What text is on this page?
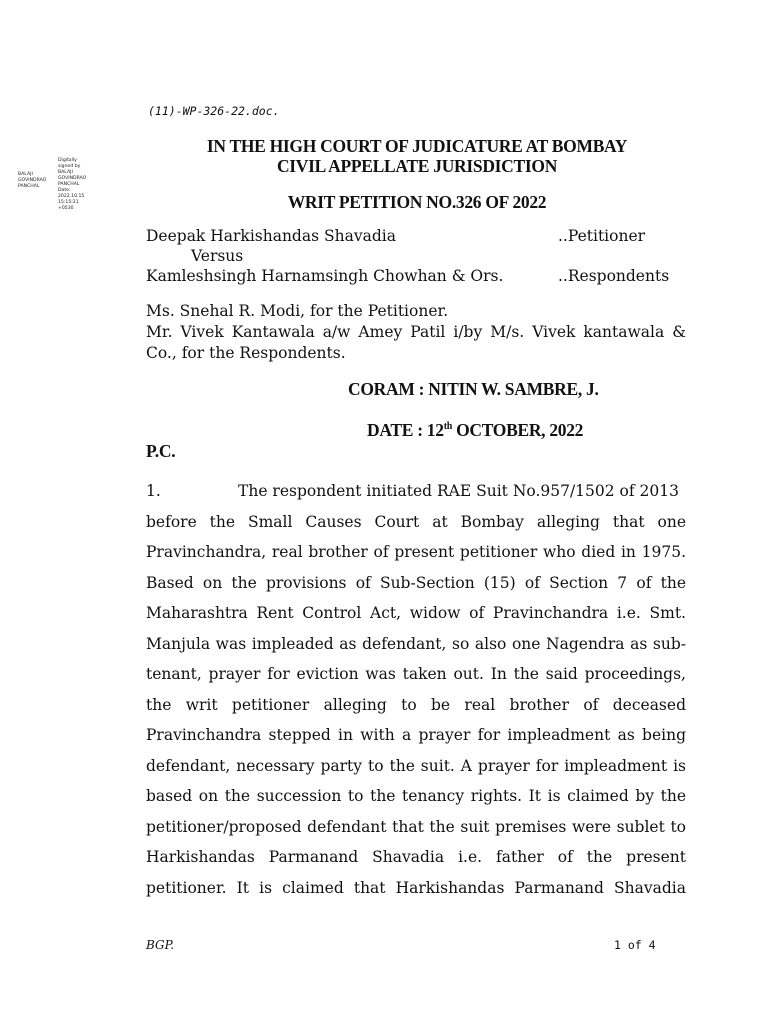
(11)-WP-326-22.doc.
BALAJI
GOVINDRAO
PANCHAL
Digitally
signed by
BALAJI
GOVINDRAO
PANCHAL
Date:
2022.10.15
15:15:21
+0530
IN THE HIGH COURT OF JUDICATURE AT BOMBAY
CIVIL APPELLATE JURISDICTION
WRIT PETITION NO.326 OF 2022
Deepak Harkishandas Shavadia	..Petitioner
Versus
Kamleshsingh Harnamsingh Chowhan & Ors.	..Respondents
Ms. Snehal R. Modi, for the Petitioner.
Mr. Vivek Kantawala a/w Amey Patil i/by M/s. Vivek kantawala & Co., for the Respondents.
CORAM : NITIN W. SAMBRE, J.
DATE : 12th OCTOBER, 2022
P.C.
1.	The respondent initiated RAE Suit No.957/1502 of 2013
before the Small Causes Court at Bombay alleging that one
Pravinchandra, real brother of present petitioner who died in 1975.
Based on the provisions of Sub-Section (15) of Section 7 of the
Maharashtra Rent Control Act, widow of Pravinchandra i.e. Smt.
Manjula was impleaded as defendant, so also one Nagendra as sub-
tenant, prayer for eviction was taken out. In the said proceedings,
the writ petitioner alleging to be real brother of deceased
Pravinchandra stepped in with a prayer for impleadment as being
defendant, necessary party to the suit. A prayer for impleadment is
based on the succession to the tenancy rights. It is claimed by the
petitioner/proposed defendant that the suit premises were sublet to
Harkishandas Parmanand Shavadia i.e. father of the present
petitioner. It is claimed that Harkishandas Parmanand Shavadia
BGP.	1 of 4
